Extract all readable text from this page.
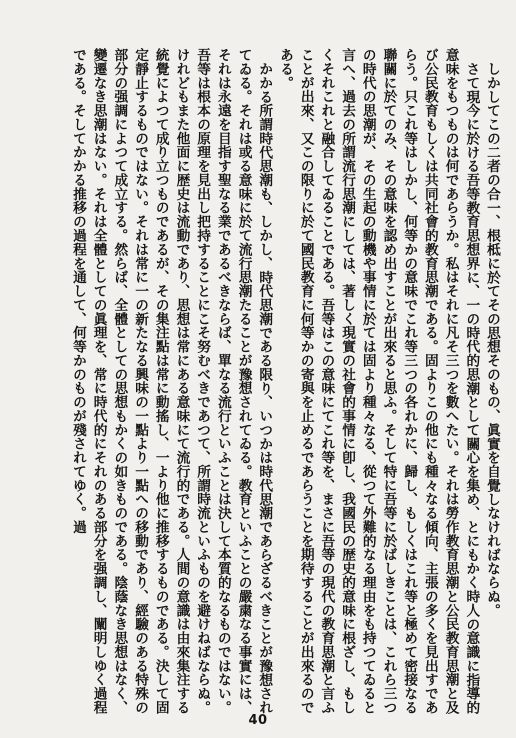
しかしてこの二者の合一、根柢に於てその思想そのもの、眞實を自覺しなければならぬ。

さて現今に於ける吾等教育思想界に、一の時代的思潮として關心を集め、とにもかく時人の意識に指導的意味をもつものは何であらうか。私はそれに凡そ三つを數へたい。それは勞作教育思潮と公民教育思潮と及び公民教育もしくは共同社會的教育思潮である。固よりこの他にも種々なる傾向、主張の多くを見出すであらう。只これ等はしかし、何等かの意味でこれ等三つの各れかに、歸し、もしくはこれ等と極めて密接なる聯關に於てのみ、その意味を認め出すことが出來ると思ふ。そして特に吾等に於ばしきことは、これら三つの時代の思潮が、その生起の動機や事情に於ては固より種々なる、從つて外難的なる理由をも持つてゐると言へ、過去の所謂流行思潮にしては、著しく現實の社會的事情に卽し、我國民の歴史的意味に根ざし、もしくそれこれと融合してゐることである。吾等はこの意味にてこれ等を、まさに吾等の現代の教育思潮と言ふことが出來、又この限りに於て國民教育に何等かの寄與を止めるであらうことを期待することが出來るのである。

かかる所謂時代思潮も、しかし、時代思潮である限り、いつかは時代思潮であらざるべきことが豫想されてゐる。それは或る意味に於て流行思潮たることが豫想されてゐる。教育といふことの嚴粛なる事實には、それは永遠を目指す聖なる業であるべきならば、單なる流行といふことは決して本質的なるものではない。吾等は根本の原理を見出し把持することにこそ努むべきであつて、所謂時流といふものを避けねばならぬ。けれどもまた他面に歴史は流動であり、思想は常にある意味にて流行的である。人間の意識は由來集注する統覺によつて成り立つものであるが、その集注點は常に動搖し、一より他に推移するものである。決して固定靜止するものではない。それは常に一の新たなる興味の一點より一點への移動であり、經驗のある特殊の部分の强調によつて成立する。然らば、全體としての思想もかくの如きものである。陰蔭なき思想はなく、變遷なき思潮はない。それは全體としての眞理を、常に時代的にそれのある部分を强調し、闡明しゆく過程である。そしてかかる推移の過程を通して、何等かのものが殘されてゆく。過

40
